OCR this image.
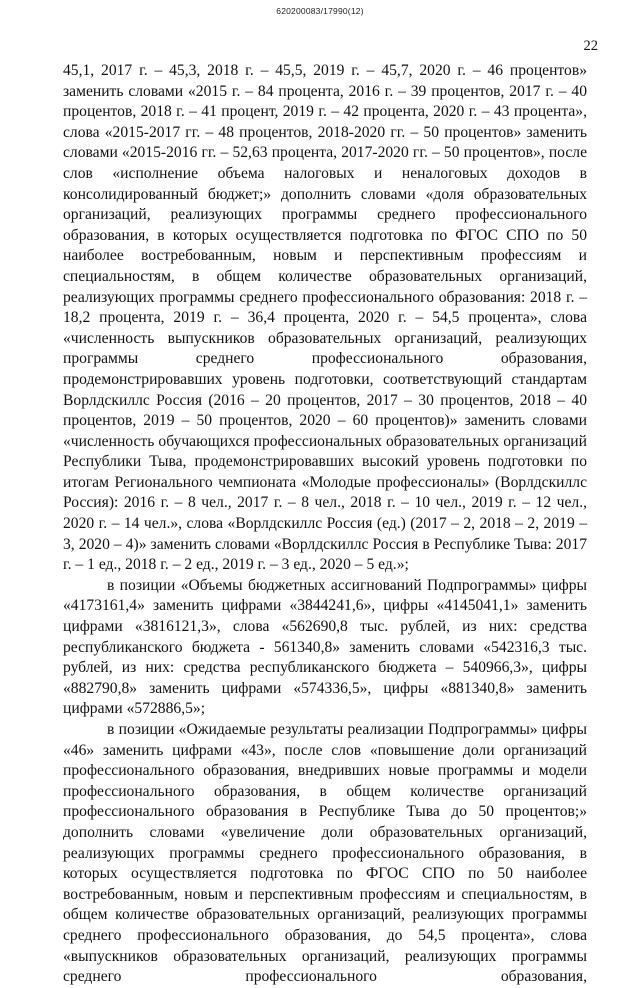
620200083/17990(12)
22

45,1, 2017 г. – 45,3, 2018 г. – 45,5, 2019 г. – 45,7, 2020 г. – 46 процентов» заменить словами «2015 г. – 84 процента, 2016 г. – 39 процентов, 2017 г. – 40 процентов, 2018 г. – 41 процент, 2019 г. – 42 процента, 2020 г. – 43 процента», слова «2015-2017 гг. – 48 процентов, 2018-2020 гг. – 50 процентов» заменить словами «2015-2016 гг. – 52,63 процента, 2017-2020 гг. – 50 процентов», после слов «исполнение объема налоговых и неналоговых доходов в консолидированный бюджет;» дополнить словами «доля образовательных организаций, реализующих программы среднего профессионального образования, в которых осуществляется подготовка по ФГОС СПО по 50 наиболее востребованным, новым и перспективным профессиям и специальностям, в общем количестве образовательных организаций, реализующих программы среднего профессионального образования: 2018 г. – 18,2 процента, 2019 г. – 36,4 процента, 2020 г. – 54,5 процента», слова «численность выпускников образовательных организаций, реализующих программы среднего профессионального образования, продемонстрировавших уровень подготовки, соответствующий стандартам Ворлдскиллс Россия (2016 – 20 процентов, 2017 – 30 процентов, 2018 – 40 процентов, 2019 – 50 процентов, 2020 – 60 процентов)» заменить словами «численность обучающихся профессиональных образовательных организаций Республики Тыва, продемонстрировавших высокий уровень подготовки по итогам Регионального чемпионата «Молодые профессионалы» (Ворлдскиллс Россия): 2016 г. – 8 чел., 2017 г. – 8 чел., 2018 г. – 10 чел., 2019 г. – 12 чел., 2020 г. – 14 чел.», слова «Ворлдскиллс Россия (ед.) (2017 – 2, 2018 – 2, 2019 – 3, 2020 – 4)» заменить словами «Ворлдскиллс Россия в Республике Тыва: 2017 г. – 1 ед., 2018 г. – 2 ед., 2019 г. – 3 ед., 2020 – 5 ед.»;

в позиции «Объемы бюджетных ассигнований Подпрограммы» цифры «4173161,4» заменить цифрами «3844241,6», цифры «4145041,1» заменить цифрами «3816121,3», слова «562690,8 тыс. рублей, из них: средства республиканского бюджета - 561340,8» заменить словами «542316,3 тыс. рублей, из них: средства республиканского бюджета – 540966,3», цифры «882790,8» заменить цифрами «574336,5», цифры «881340,8» заменить цифрами «572886,5»;

в позиции «Ожидаемые результаты реализации Подпрограммы» цифры «46» заменить цифрами «43», после слов «повышение доли организаций профессионального образования, внедривших новые программы и модели профессионального образования, в общем количестве организаций профессионального образования в Республике Тыва до 50 процентов;» дополнить словами «увеличение доли образовательных организаций, реализующих программы среднего профессионального образования, в которых осуществляется подготовка по ФГОС СПО по 50 наиболее востребованным, новым и перспективным профессиям и специальностям, в общем количестве образовательных организаций, реализующих программы среднего профессионального образования, до 54,5 процента», слова «выпускников образовательных организаций, реализующих программы среднего профессионального образования,
